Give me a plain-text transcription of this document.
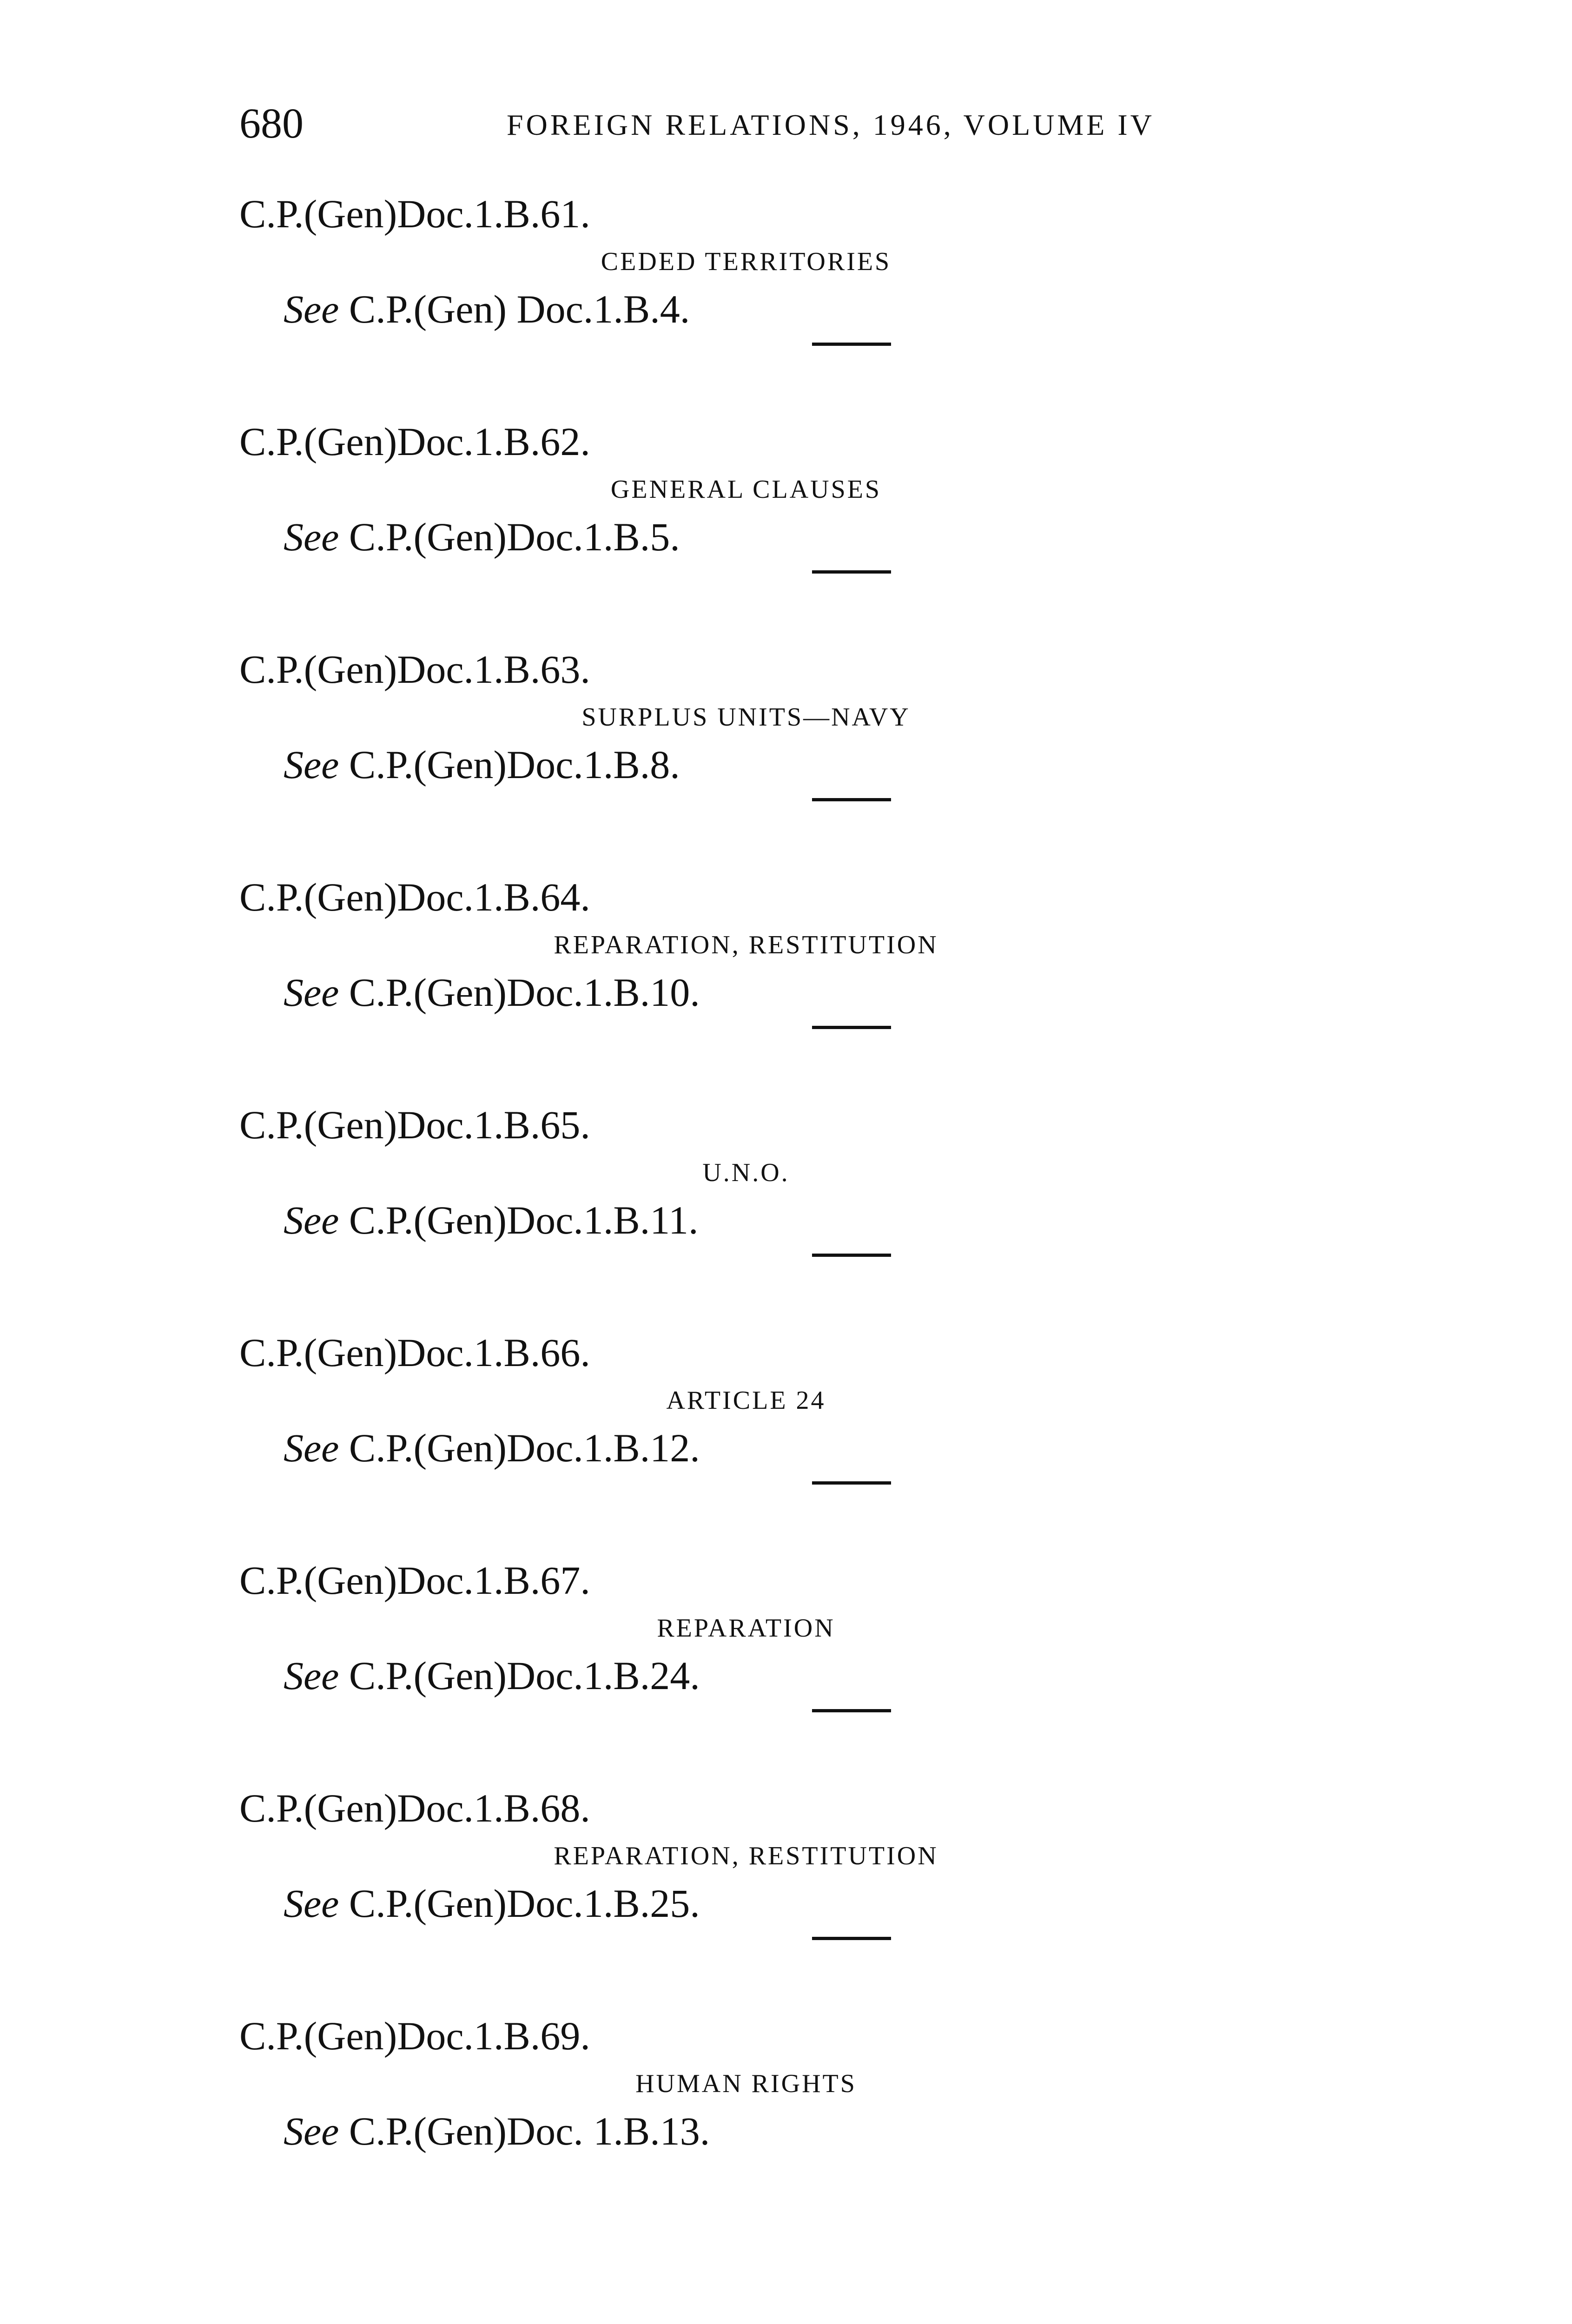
680	FOREIGN RELATIONS, 1946, VOLUME IV
C.P.(Gen)Doc.1.B.61.
CEDED TERRITORIES
See C.P.(Gen) Doc.1.B.4.
C.P.(Gen)Doc.1.B.62.
GENERAL CLAUSES
See C.P.(Gen)Doc.1.B.5.
C.P.(Gen)Doc.1.B.63.
SURPLUS UNITS—NAVY
See C.P.(Gen)Doc.1.B.8.
C.P.(Gen)Doc.1.B.64.
REPARATION, RESTITUTION
See C.P.(Gen)Doc.1.B.10.
C.P.(Gen)Doc.1.B.65.
U.N.O.
See C.P.(Gen)Doc.1.B.11.
C.P.(Gen)Doc.1.B.66.
ARTICLE 24
See C.P.(Gen)Doc.1.B.12.
C.P.(Gen)Doc.1.B.67.
REPARATION
See C.P.(Gen)Doc.1.B.24.
C.P.(Gen)Doc.1.B.68.
REPARATION, RESTITUTION
See C.P.(Gen)Doc.1.B.25.
C.P.(Gen)Doc.1.B.69.
HUMAN RIGHTS
See C.P.(Gen)Doc. 1.B.13.
